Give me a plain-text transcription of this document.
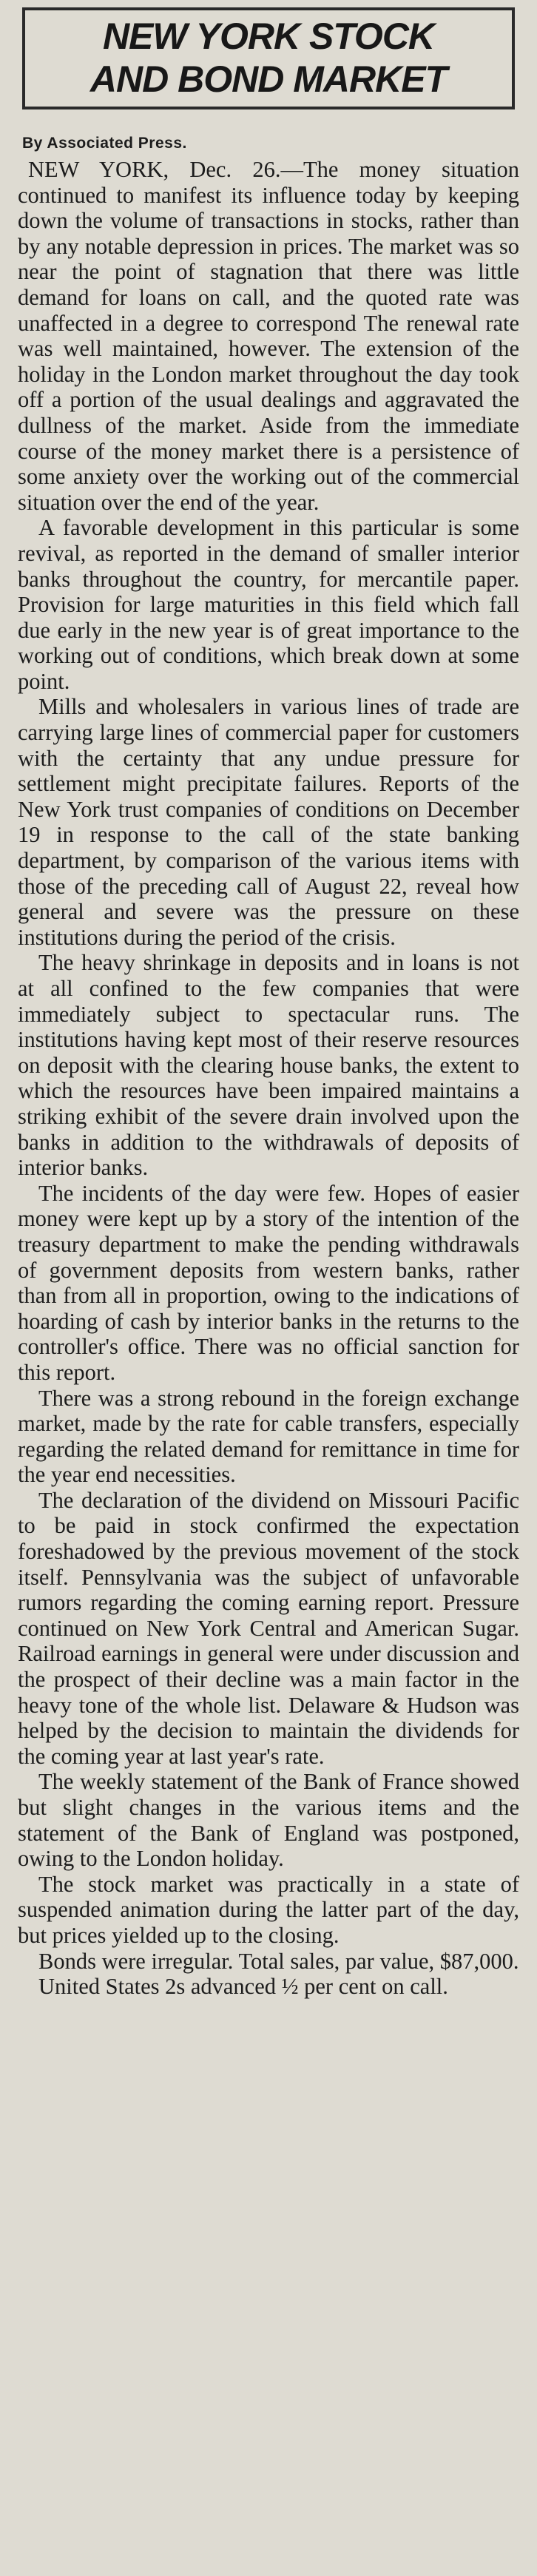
NEW YORK STOCK
AND BOND MARKET
By Associated Press.

NEW YORK, Dec. 26.—The money situation continued to manifest its influence today by keeping down the volume of transactions in stocks, rather than by any notable depression in prices. The market was so near the point of stagnation that there was little demand for loans on call, and the quoted rate was unaffected in a degree to correspond The renewal rate was well maintained, however. The extension of the holiday in the London market throughout the day took off a portion of the usual dealings and aggravated the dullness of the market. Aside from the immediate course of the money market there is a persistence of some anxiety over the working out of the commercial situation over the end of the year.

A favorable development in this particular is some revival, as reported in the demand of smaller interior banks throughout the country, for mercantile paper. Provision for large maturities in this field which fall due early in the new year is of great importance to the working out of conditions, which break down at some point.

Mills and wholesalers in various lines of trade are carrying large lines of commercial paper for customers with the certainty that any undue pressure for settlement might precipitate failures. Reports of the New York trust companies of conditions on December 19 in response to the call of the state banking department, by comparison of the various items with those of the preceding call of August 22, reveal how general and severe was the pressure on these institutions during the period of the crisis.

The heavy shrinkage in deposits and in loans is not at all confined to the few companies that were immediately subject to spectacular runs. The institutions having kept most of their reserve resources on deposit with the clearing house banks, the extent to which the resources have been impaired maintains a striking exhibit of the severe drain involved upon the banks in addition to the withdrawals of deposits of interior banks.

The incidents of the day were few. Hopes of easier money were kept up by a story of the intention of the treasury department to make the pending withdrawals of government deposits from western banks, rather than from all in proportion, owing to the indications of hoarding of cash by interior banks in the returns to the controller's office. There was no official sanction for this report.

There was a strong rebound in the foreign exchange market, made by the rate for cable transfers, especially regarding the related demand for remittance in time for the year end necessities.

The declaration of the dividend on Missouri Pacific to be paid in stock confirmed the expectation foreshadowed by the previous movement of the stock itself. Pennsylvania was the subject of unfavorable rumors regarding the coming earning report. Pressure continued on New York Central and American Sugar. Railroad earnings in general were under discussion and the prospect of their decline was a main factor in the heavy tone of the whole list. Delaware & Hudson was helped by the decision to maintain the dividends for the coming year at last year's rate.

The weekly statement of the Bank of France showed but slight changes in the various items and the statement of the Bank of England was postponed, owing to the London holiday.

The stock market was practically in a state of suspended animation during the latter part of the day, but prices yielded up to the closing.

Bonds were irregular. Total sales, par value, $87,000.

United States 2s advanced ½ per cent on call.
